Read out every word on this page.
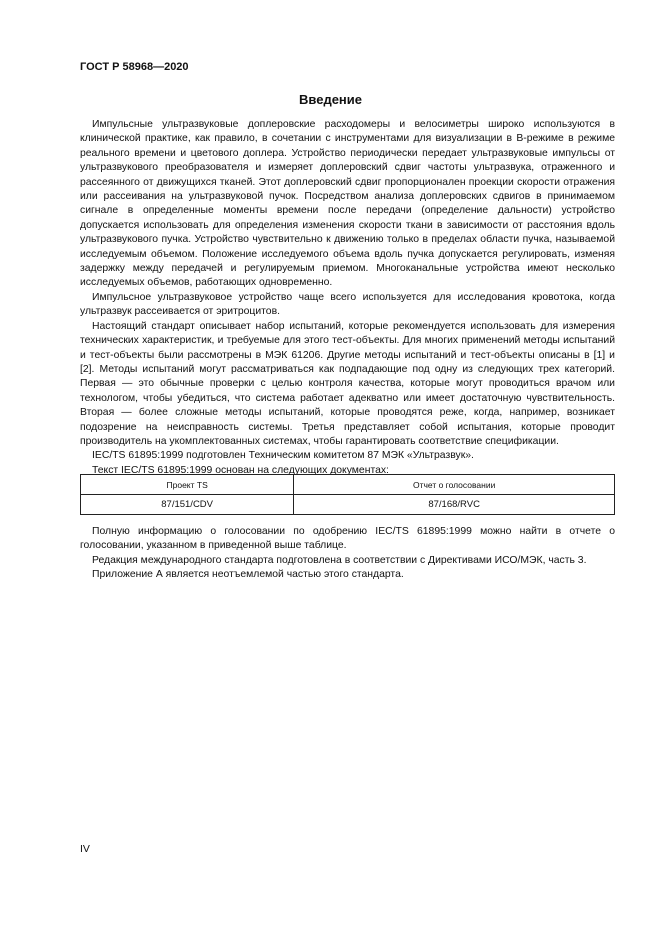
ГОСТ Р 58968—2020
Введение

Импульсные ультразвуковые доплеровские расходомеры и велосиметры широко используются в клинической практике, как правило, в сочетании с инструментами для визуализации в В-режиме в режиме реального времени и цветового доплера. Устройство периодически передает ультразвуковые импульсы от ультразвукового преобразователя и измеряет доплеровский сдвиг частоты ультразвука, отраженного и рассеянного от движущихся тканей. Этот доплеровский сдвиг пропорционален проекции скорости отражения или рассеивания на ультразвуковой пучок. Посредством анализа доплеровских сдвигов в принимаемом сигнале в определенные моменты времени после передачи (определение дальности) устройство допускается использовать для определения изменения скорости ткани в зависимости от расстояния вдоль ультразвукового пучка. Устройство чувствительно к движению только в пределах области пучка, называемой исследуемым объемом. Положение исследуемого объема вдоль пучка допускается регулировать, изменяя задержку между передачей и регулируемым приемом. Многоканальные устройства имеют несколько исследуемых объемов, работающих одновременно.

Импульсное ультразвуковое устройство чаще всего используется для исследования кровотока, когда ультразвук рассеивается от эритроцитов.

Настоящий стандарт описывает набор испытаний, которые рекомендуется использовать для измерения технических характеристик, и требуемые для этого тест-объекты. Для многих применений методы испытаний и тест-объекты были рассмотрены в МЭК 61206. Другие методы испытаний и тест-объекты описаны в [1] и [2]. Методы испытаний могут рассматриваться как подпадающие под одну из следующих трех категорий. Первая — это обычные проверки с целью контроля качества, которые могут проводиться врачом или технологом, чтобы убедиться, что система работает адекватно или имеет достаточную чувствительность. Вторая — более сложные методы испытаний, которые проводятся реже, когда, например, возникает подозрение на неисправность системы. Третья представляет собой испытания, которые проводит производитель на укомплектованных системах, чтобы гарантировать соответствие спецификации.

IEC/TS 61895:1999 подготовлен Техническим комитетом 87 МЭК «Ультразвук».

Текст IEC/TS 61895:1999 основан на следующих документах:

Проект TS	Отчет о голосовании
87/151/CDV	87/168/RVC

Полную информацию о голосовании по одобрению IEC/TS 61895:1999 можно найти в отчете о голосовании, указанном в приведенной выше таблице.

Редакция международного стандарта подготовлена в соответствии с Директивами ИСО/МЭК, часть 3.

Приложение А является неотъемлемой частью этого стандарта.

IV
